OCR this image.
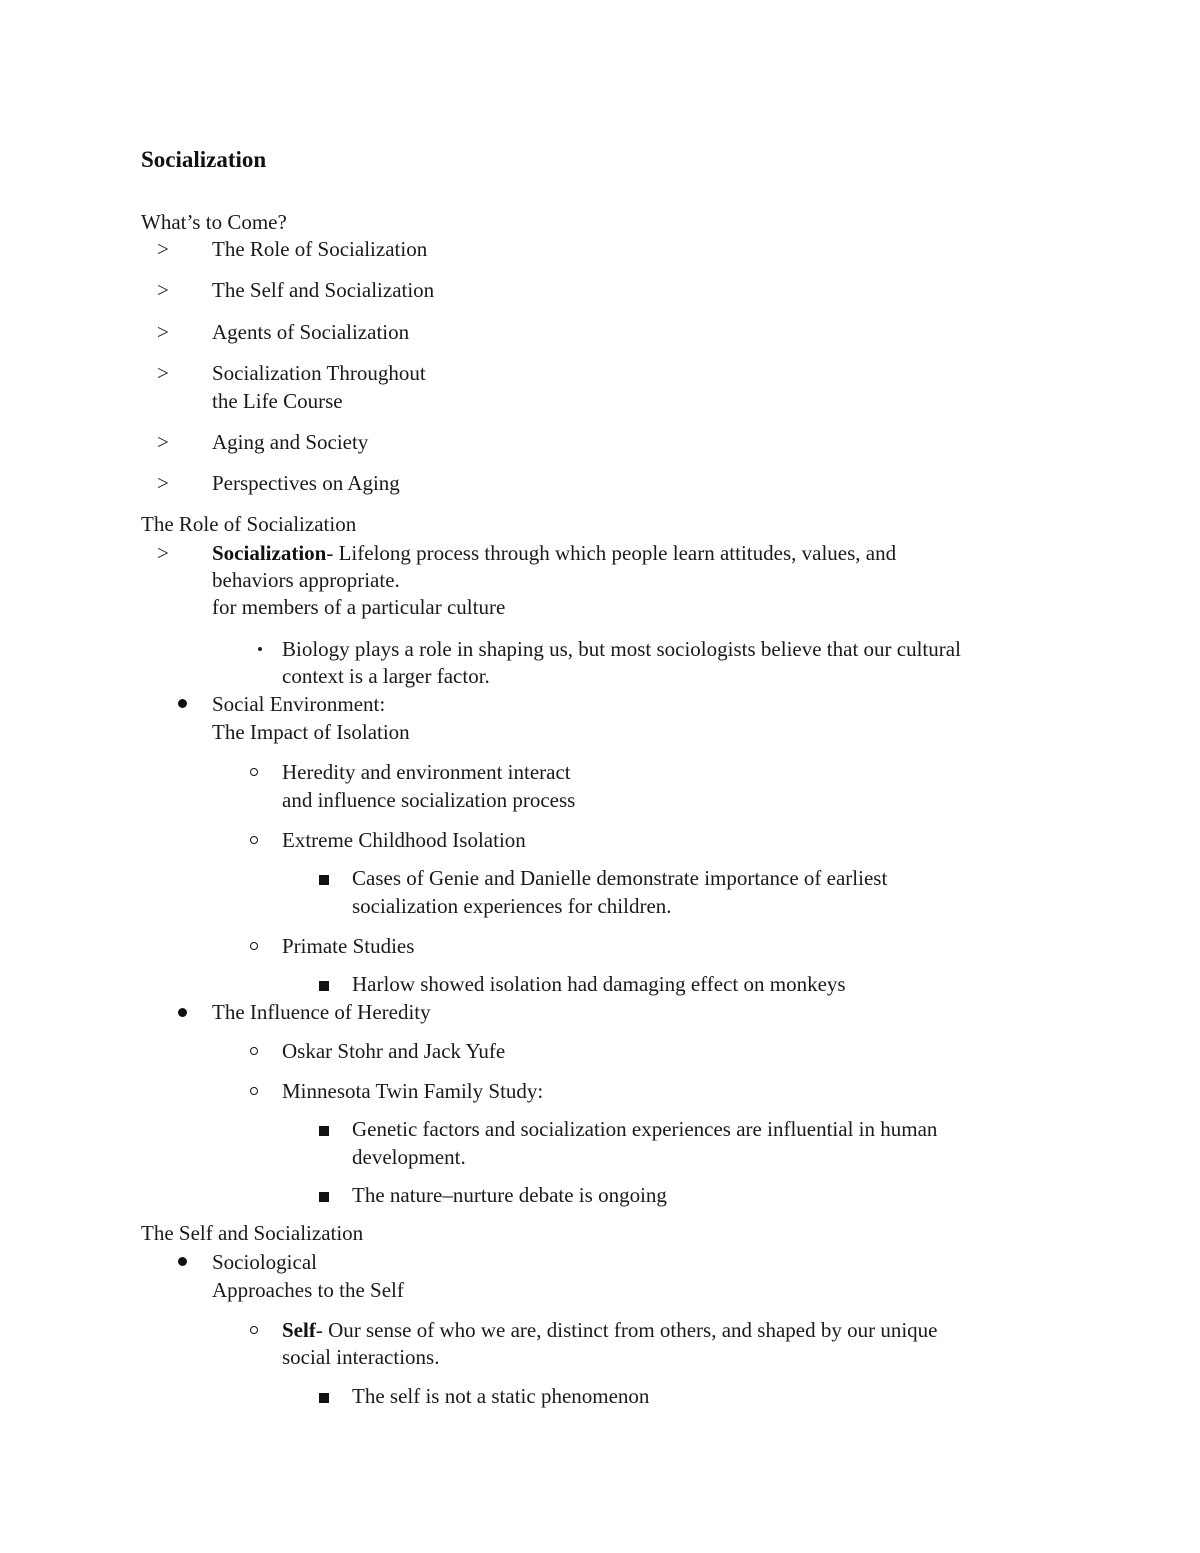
Socialization
What’s to Come?
> The Role of Socialization
> The Self and Socialization
> Agents of Socialization
> Socialization Throughout
the Life Course
> Aging and Society
> Perspectives on Aging
The Role of Socialization
> Socialization- Lifelong process through which people learn attitudes, values, and
behaviors appropriate.
for members of a particular culture
Biology plays a role in shaping us, but most sociologists believe that our cultural
context is a larger factor.
Social Environment:
The Impact of Isolation
Heredity and environment interact
and influence socialization process
Extreme Childhood Isolation
Cases of Genie and Danielle demonstrate importance of earliest
socialization experiences for children.
Primate Studies
Harlow showed isolation had damaging effect on monkeys
The Influence of Heredity
Oskar Stohr and Jack Yufe
Minnesota Twin Family Study:
Genetic factors and socialization experiences are influential in human
development.
The nature–nurture debate is ongoing
The Self and Socialization
Sociological
Approaches to the Self
Self- Our sense of who we are, distinct from others, and shaped by our unique
social interactions.
The self is not a static phenomenon
